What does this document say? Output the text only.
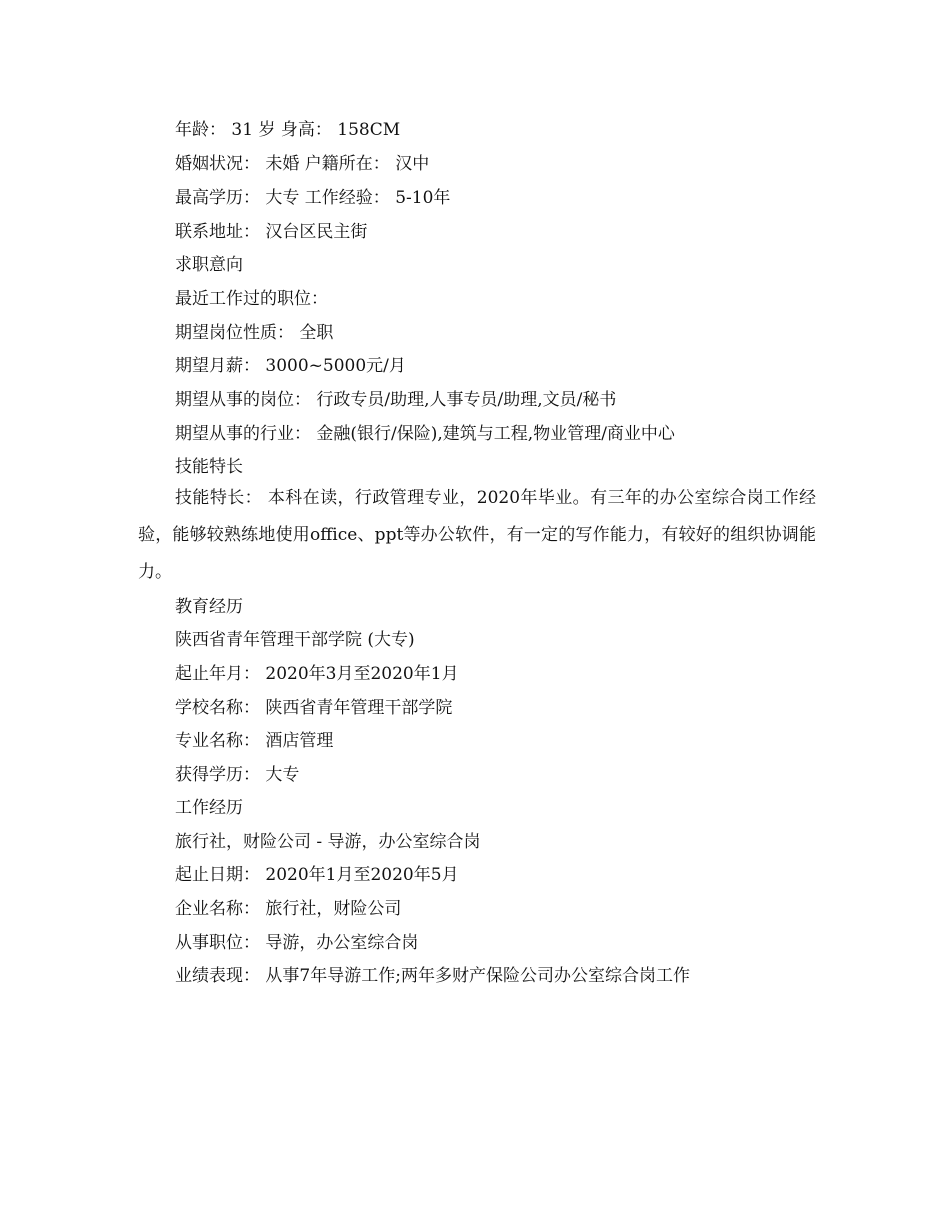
年龄： 31 岁 身高： 158CM
婚姻状况： 未婚 户籍所在： 汉中
最高学历： 大专 工作经验： 5-10年
联系地址： 汉台区民主街
求职意向
最近工作过的职位：
期望岗位性质： 全职
期望月薪： 3000~5000元/月
期望从事的岗位： 行政专员/助理,人事专员/助理,文员/秘书
期望从事的行业： 金融(银行/保险),建筑与工程,物业管理/商业中心
技能特长
技能特长： 本科在读，行政管理专业，2020年毕业。有三年的办公室综合岗工作经验，能够较熟练地使用office、ppt等办公软件，有一定的写作能力，有较好的组织协调能力。
教育经历
陕西省青年管理干部学院 (大专)
起止年月： 2020年3月至2020年1月
学校名称： 陕西省青年管理干部学院
专业名称： 酒店管理
获得学历： 大专
工作经历
旅行社，财险公司 - 导游，办公室综合岗
起止日期： 2020年1月至2020年5月
企业名称： 旅行社，财险公司
从事职位： 导游，办公室综合岗
业绩表现： 从事7年导游工作;两年多财产保险公司办公室综合岗工作
